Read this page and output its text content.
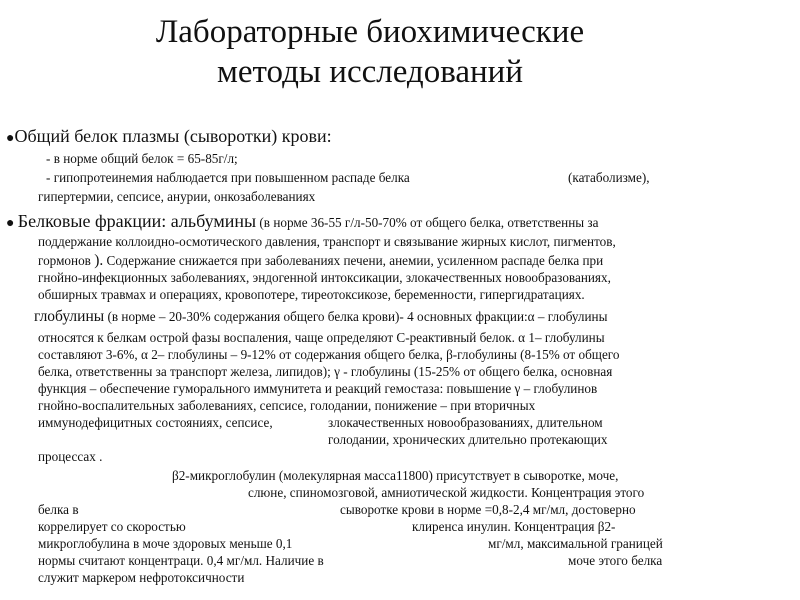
Лабораторные биохимические
методы исследований
●Общий белок плазмы (сыворотки) крови:
- в норме общий белок = 65-85г/л;
- гипопротеинемия наблюдается при повышенном распаде белка	(катаболизме),
гипертермии, сепсисе, анурии, онкозаболеваниях
● Белковые фракции: альбумины (в норме 36-55 г/л-50-70% от общего белка, ответственны за
поддержание коллоидно-осмотического давления, транспорт и связывание жирных кислот, пигментов,
гормонов ). Содержание снижается при заболеваниях печени, анемии, усиленном распаде белка при
гнойно-инфекционных заболеваниях, эндогенной интоксикации, злокачественных новообразованиях,
обширных травмах и операциях, кровопотере, тиреотоксикозе, беременности, гипергидратациях.
глобулины (в норме – 20-30% содержания общего белка крови)- 4 основных фракции:α – глобулины
относятся к белкам острой фазы воспаления, чаще определяют С-реактивный белок. α 1– глобулины
составляют 3-6%, α 2– глобулины – 9-12% от содержания общего белка, β-глобулины (8-15% от общего
белка, ответственны за транспорт железа, липидов); γ - глобулины (15-25% от общего белка, основная
функция – обеспечение гуморального иммунитета и реакций гемостаза: повышение γ – глобулинов
гнойно-воспалительных заболеваниях, сепсисе, голодании, понижение – при вторичных
иммунодефицитных состояниях, сепсисе,	злокачественных новообразованиях, длительном
голодании, хронических длительно протекающих
процессах .
β2-микроглобулин (молекулярная масса11800) присутствует в сыворотке, моче,
слюне, спиномозговой, амниотической жидкости. Концентрация этого
белка в	сыворотке крови в норме =0,8-2,4 мг/мл, достоверно
коррелирует со скоростью	клиренса инулин. Концентрация β2-
микроглобулина в моче здоровых меньше 0,1	мг/мл, максимальной границей
нормы считают концентраци. 0,4 мг/мл. Наличие в	моче этого белка
служит маркером нефротоксичности
